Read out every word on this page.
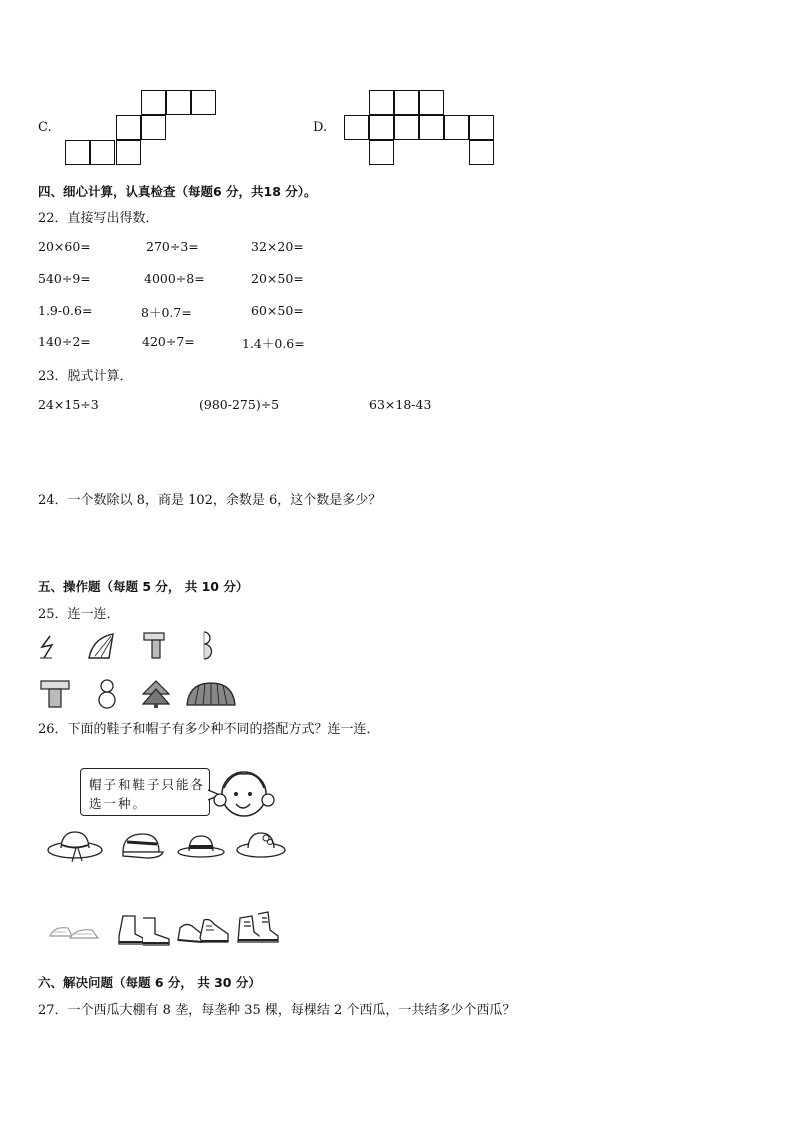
C.	D.
四、细心计算，认真检查（每题6 分，共18 分）。
22．直接写出得数．
20×60=	270÷3=	32×20=
540÷9=	4000÷8=	20×50=
1.9-0.6=	8＋0.7=	60×50=
140÷2=	420÷7=	1.4＋0.6=
23．脱式计算．
24×15÷3	(980-275)÷5	63×18-43
24．一个数除以 8，商是 102，余数是 6，这个数是多少？
五、操作题（每题 5 分， 共 10 分）
25．连一连．
26．下面的鞋子和帽子有多少种不同的搭配方式？连一连．
帽子和鞋子只能各选一种。
六、解决问题（每题 6 分， 共 30 分）
27．一个西瓜大棚有 8 垄，每垄种 35 棵，每棵结 2 个西瓜，一共结多少个西瓜？
